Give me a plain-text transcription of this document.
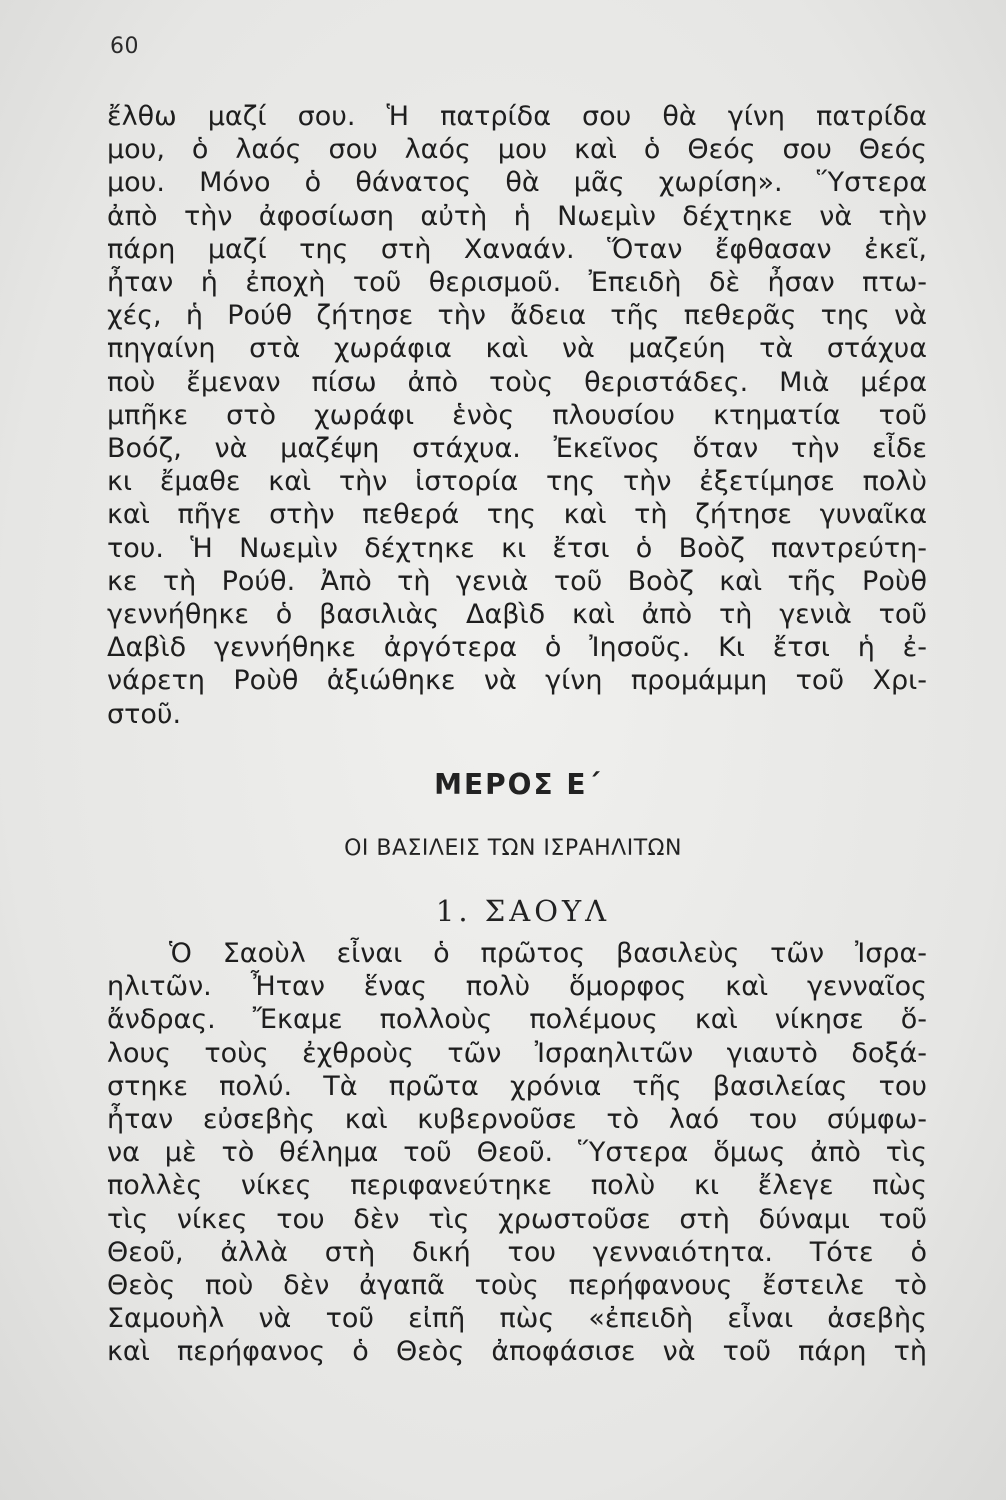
60
ἔλθω μαζί σου. Ἡ πατρίδα σου θὰ γίνη πατρίδα
μου, ὁ λαός σου λαός μου καὶ ὁ Θεός σου Θεός
μου. Μόνο ὁ θάνατος θὰ μᾶς χωρίση». Ὕστερα
ἀπὸ τὴν ἀφοσίωση αὐτὴ ἡ Νωεμὶν δέχτηκε νὰ τὴν
πάρη μαζί της στὴ Χαναάν. Ὅταν ἔφθασαν ἐκεῖ,
ἦταν ἡ ἐποχὴ τοῦ θερισμοῦ. Ἐπειδὴ δὲ ἦσαν πτω-
χές, ἡ Ρούθ ζήτησε τὴν ἄδεια τῆς πεθερᾶς της νὰ
πηγαίνη στὰ χωράφια καὶ νὰ μαζεύη τὰ στάχυα
ποὺ ἔμεναν πίσω ἀπὸ τοὺς θεριστάδες. Μιὰ μέρα
μπῆκε στὸ χωράφι ἑνὸς πλουσίου κτηματία τοῦ
Βοόζ, νὰ μαζέψη στάχυα. Ἐκεῖνος ὅταν τὴν εἶδε
κι ἔμαθε καὶ τὴν ἱστορία της τὴν ἐξετίμησε πολὺ
καὶ πῆγε στὴν πεθερά της καὶ τὴ ζήτησε γυναῖκα
του. Ἡ Νωεμὶν δέχτηκε κι ἔτσι ὁ Βοὸζ παντρεύτη-
κε τὴ Ρούθ. Ἀπὸ τὴ γενιὰ τοῦ Βοὸζ καὶ τῆς Ροὺθ
γεννήθηκε ὁ βασιλιὰς Δαβὶδ καὶ ἀπὸ τὴ γενιὰ τοῦ
Δαβὶδ γεννήθηκε ἀργότερα ὁ Ἰησοῦς. Κι ἔτσι ἡ ἐ-
νάρετη Ροὺθ ἀξιώθηκε νὰ γίνη προμάμμη τοῦ Χρι-
στοῦ.
ΜΕΡΟΣ Ε΄
ΟΙ ΒΑΣΙΛΕΙΣ ΤΩΝ ΙΣΡΑΗΛΙΤΩΝ
1. ΣΑΟΥΛ
Ὁ Σαοὺλ εἶναι ὁ πρῶτος βασιλεὺς τῶν Ἰσρα-
ηλιτῶν. Ἦταν ἕνας πολὺ ὅμορφος καὶ γενναῖος
ἄνδρας. Ἔκαμε πολλοὺς πολέμους καὶ νίκησε ὅ-
λους τοὺς ἐχθροὺς τῶν Ἰσραηλιτῶν γιαυτὸ δοξά-
στηκε πολύ. Τὰ πρῶτα χρόνια τῆς βασιλείας του
ἦταν εὐσεβὴς καὶ κυβερνοῦσε τὸ λαό του σύμφω-
να μὲ τὸ θέλημα τοῦ Θεοῦ. Ὕστερα ὅμως ἀπὸ τὶς
πολλὲς νίκες περιφανεύτηκε πολὺ κι ἔλεγε πὼς
τὶς νίκες του δὲν τὶς χρωστοῦσε στὴ δύναμι τοῦ
Θεοῦ, ἀλλὰ στὴ δική του γενναιότητα. Τότε ὁ
Θεὸς ποὺ δὲν ἀγαπᾶ τοὺς περήφανους ἔστειλε τὸ
Σαμουὴλ νὰ τοῦ εἰπῆ πὼς «ἐπειδὴ εἶναι ἀσεβὴς
καὶ περήφανος ὁ Θεὸς ἀποφάσισε νὰ τοῦ πάρη τὴ
